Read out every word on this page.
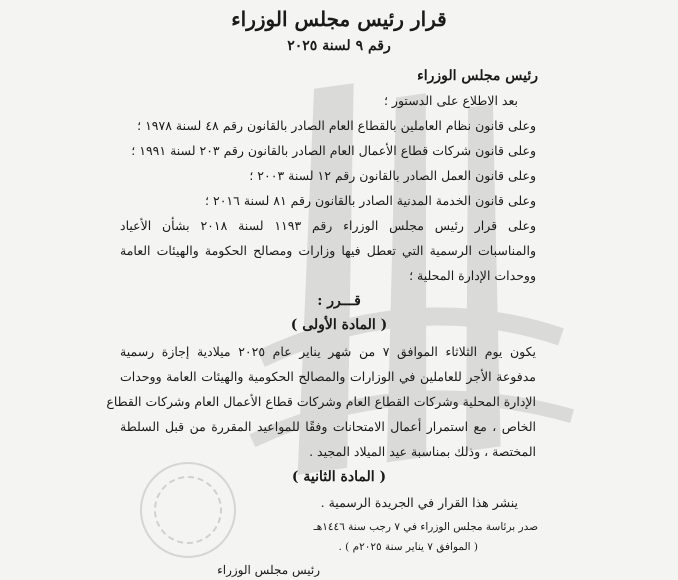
قرار رئيس مجلس الوزراء
رقم ٩ لسنة ٢٠٢٥
رئيس مجلس الوزراء
بعد الاطلاع على الدستور ؛
وعلى قانون نظام العاملين بالقطاع العام الصادر بالقانون رقم ٤٨ لسنة ١٩٧٨ ؛
وعلى قانون شركات قطاع الأعمال العام الصادر بالقانون رقم ٢٠٣ لسنة ١٩٩١ ؛
وعلى قانون العمل الصادر بالقانون رقم ١٢ لسنة ٢٠٠٣ ؛
وعلى قانون الخدمة المدنية الصادر بالقانون رقم ٨١ لسنة ٢٠١٦ ؛
وعلى قرار رئيس مجلس الوزراء رقم ١١٩٣ لسنة ٢٠١٨ بشأن الأعياد
والمناسبات الرسمية التي تعطل فيها وزارات ومصالح الحكومة والهيئات العامة
ووحدات الإدارة المحلية ؛
قـــرر :
( المادة الأولى )
يكون يوم الثلاثاء الموافق ٧ من شهر يناير عام ٢٠٢٥ ميلادية إجازة رسمية
مدفوعة الأجر للعاملين في الوزارات والمصالح الحكومية والهيئات العامة ووحدات
الإدارة المحلية وشركات القطاع العام وشركات قطاع الأعمال العام وشركات القطاع
الخاص ، مع استمرار أعمال الامتحانات وفقًا للمواعيد المقررة من قبل السلطة
المختصة ، وذلك بمناسبة عيد الميلاد المجيد .
( المادة الثانية )
ينشر هذا القرار في الجريدة الرسمية .
صدر برئاسة مجلس الوزراء في ٧ رجب سنة ١٤٤٦هـ
( الموافق ٧ يناير سنة ٢٠٢٥م ) .
رئيس مجلس الوزراء
